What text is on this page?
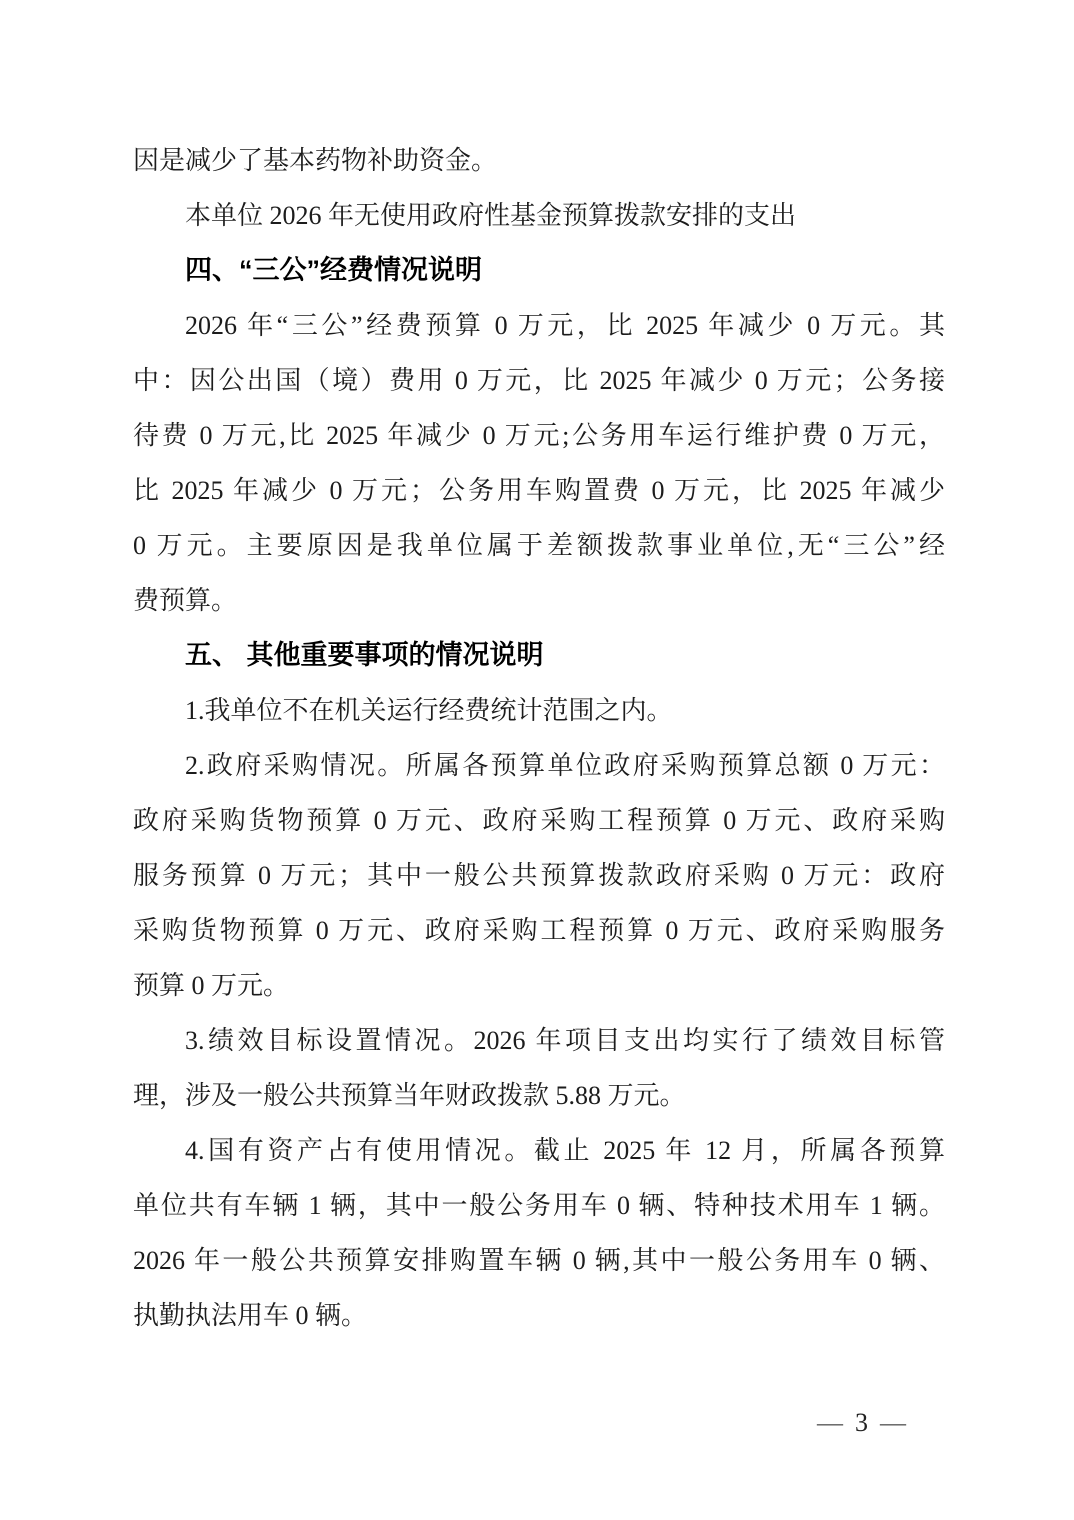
因是减少了基本药物补助资金。
本单位 2026 年无使用政府性基金预算拨款安排的支出
四、“三公”经费情况说明
2026 年“三公”经费预算 0 万元，比 2025 年减少 0 万元。其
中：因公出国（境）费用 0 万元，比 2025 年减少 0 万元；公务接
待费 0 万元,比 2025 年减少 0 万元;公务用车运行维护费 0 万元，
比 2025 年减少 0 万元；公务用车购置费 0 万元，比 2025 年减少
0 万元。主要原因是我单位属于差额拨款事业单位,无“三公”经
费预算。
五、 其他重要事项的情况说明
1.我单位不在机关运行经费统计范围之内。
2.政府采购情况。所属各预算单位政府采购预算总额 0 万元：
政府采购货物预算 0 万元、政府采购工程预算 0 万元、政府采购
服务预算 0 万元；其中一般公共预算拨款政府采购 0 万元：政府
采购货物预算 0 万元、政府采购工程预算 0 万元、政府采购服务
预算 0 万元。
3.绩效目标设置情况。2026 年项目支出均实行了绩效目标管
理，涉及一般公共预算当年财政拨款 5.88 万元。
4.国有资产占有使用情况。截止 2025 年 12 月，所属各预算
单位共有车辆 1 辆，其中一般公务用车 0 辆、特种技术用车 1 辆。
2026 年一般公共预算安排购置车辆 0 辆,其中一般公务用车 0 辆、
执勤执法用车 0 辆。
— 3 —
